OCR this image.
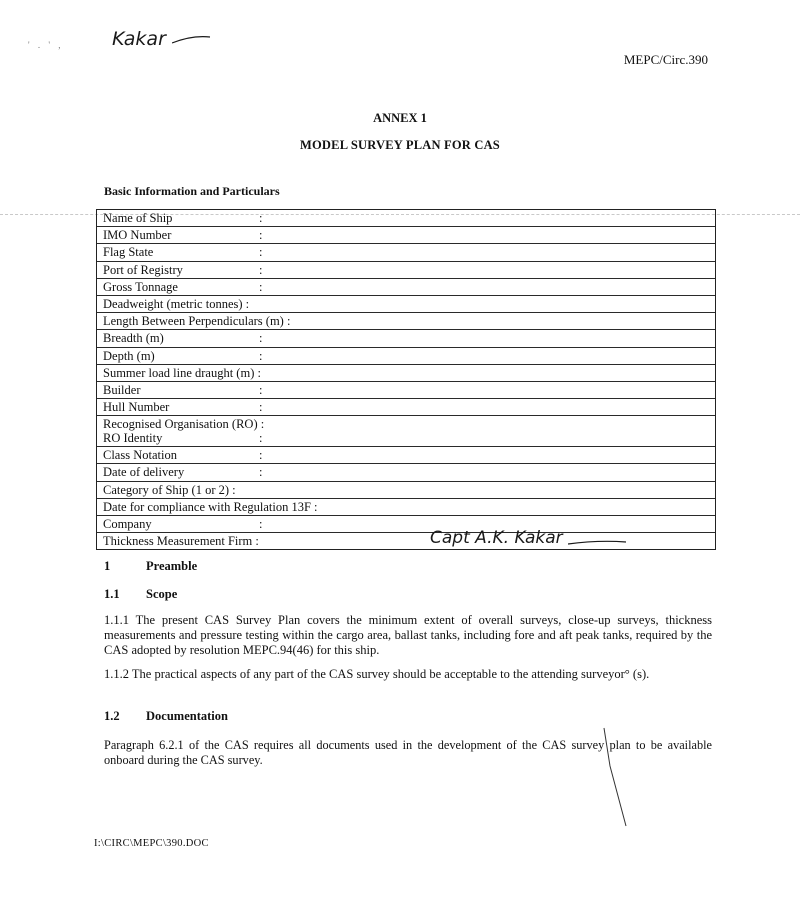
' . ' ,	Kakar
MEPC/Circ.390
ANNEX 1
MODEL SURVEY PLAN FOR CAS
Basic Information and Particulars
Name of Ship	:
IMO Number	:
Flag State	:
Port of Registry	:
Gross Tonnage	:
Deadweight (metric tonnes) :
Length Between Perpendiculars (m) :
Breadth (m)	:
Depth (m)	:
Summer load line draught (m) :
Builder	:
Hull Number	:
Recognised Organisation (RO) :
RO Identity	:
Class Notation	:
Date of delivery	:
Category of Ship (1 or 2) :
Date for compliance with Regulation 13F :
Company	:
Thickness Measurement Firm :	Capt A.K. Kakar
1	Preamble
1.1 Scope
1.1.1 The present CAS Survey Plan covers the minimum extent of overall surveys, close-up surveys, thickness measurements and pressure testing within the cargo area, ballast tanks, including fore and aft peak tanks, required by the CAS adopted by resolution MEPC.94(46) for this ship.
1.1.2 The practical aspects of any part of the CAS survey should be acceptable to the attending surveyor° (s).
1.2 Documentation
Paragraph 6.2.1 of the CAS requires all documents used in the development of the CAS survey plan to be available onboard during the CAS survey.
I:\CIRC\MEPC\390.DOC
